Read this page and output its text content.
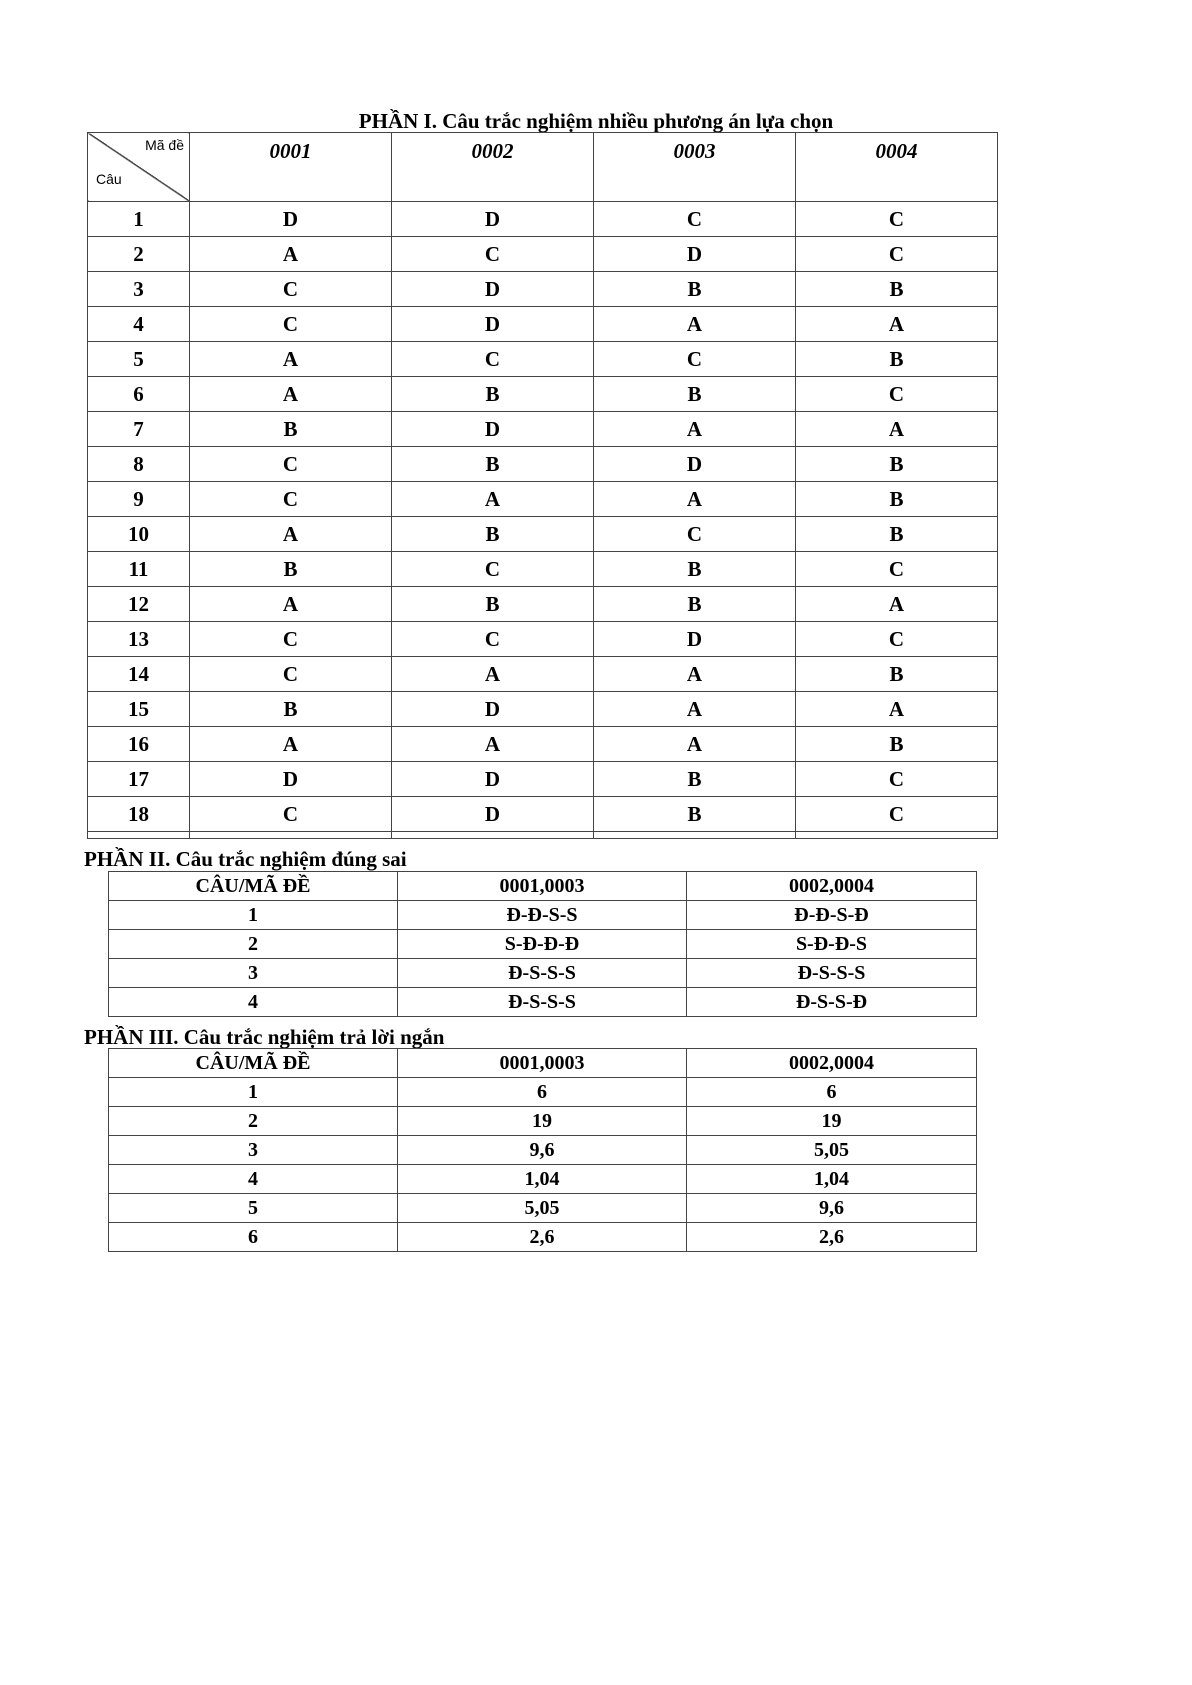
PHẦN I. Câu trắc nghiệm nhiều phương án lựa chọn
Mã đề
Câu	0001	0002	0003	0004
1	D	D	C	C
2	A	C	D	C
3	C	D	B	B
4	C	D	A	A
5	A	C	C	B
6	A	B	B	C
7	B	D	A	A
8	C	B	D	B
9	C	A	A	B
10	A	B	C	B
11	B	C	B	C
12	A	B	B	A
13	C	C	D	C
14	C	A	A	B
15	B	D	A	A
16	A	A	A	B
17	D	D	B	C
18	C	D	B	C

PHẦN II. Câu trắc nghiệm đúng sai
CÂU/MÃ ĐỀ	0001,0003	0002,0004
1	Đ-Đ-S-S	Đ-Đ-S-Đ
2	S-Đ-Đ-Đ	S-Đ-Đ-S
3	Đ-S-S-S	Đ-S-S-S
4	Đ-S-S-S	Đ-S-S-Đ
PHẦN III. Câu trắc nghiệm trả lời ngắn
CÂU/MÃ ĐỀ	0001,0003	0002,0004
1	6	6
2	19	19
3	9,6	5,05
4	1,04	1,04
5	5,05	9,6
6	2,6	2,6
